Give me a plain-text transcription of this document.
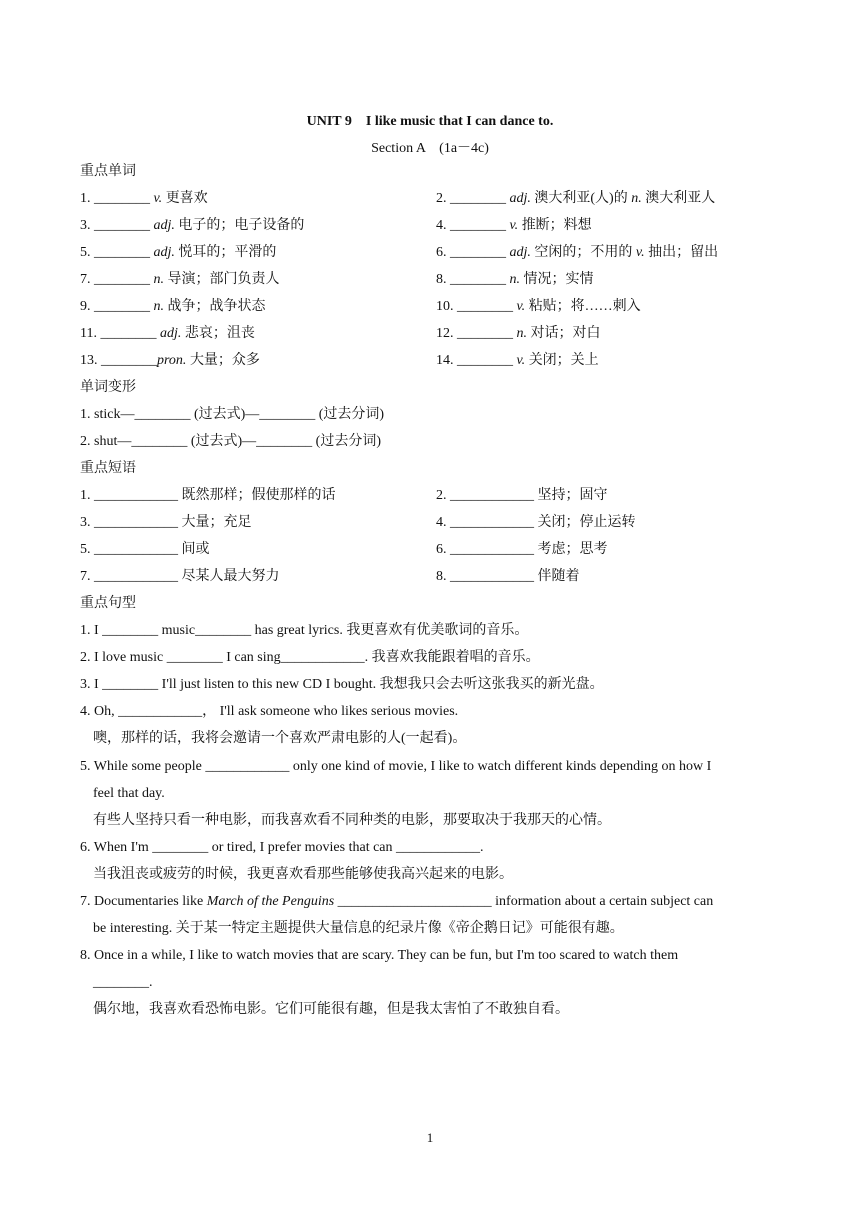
UNIT 9　I like music that I can dance to.
Section A　(1a－4c)
重点单词
1. ________ v. 更喜欢	2. ________ adj. 澳大利亚(人)的 n. 澳大利亚人
3. ________ adj. 电子的；电子设备的	4. ________ v. 推断；料想
5. ________ adj. 悦耳的；平滑的	6. ________ adj. 空闲的；不用的 v. 抽出；留出
7. ________ n. 导演；部门负责人	8. ________ n. 情况；实情
9. ________ n. 战争；战争状态	10. ________ v. 粘贴；将……刺入
11. ________ adj. 悲哀；沮丧	12. ________ n. 对话；对白
13. ________pron. 大量；众多	14. ________ v. 关闭；关上
单词变形
1. stick—________ (过去式)—________ (过去分词)
2. shut—________ (过去式)—________ (过去分词)
重点短语
1. ____________ 既然那样；假使那样的话	2. ____________ 坚持；固守
3. ____________ 大量；充足	4. ____________ 关闭；停止运转
5. ____________ 间或	6. ____________ 考虑；思考
7. ____________ 尽某人最大努力	8. ____________ 伴随着
重点句型
1. I ________ music________ has great lyrics. 我更喜欢有优美歌词的音乐。
2. I love music ________ I can sing____________. 我喜欢我能跟着唱的音乐。
3. I ________ I'll just listen to this new CD I bought. 我想我只会去听这张我买的新光盘。
4. Oh, ____________， I'll ask someone who likes serious movies.
噢，那样的话，我将会邀请一个喜欢严肃电影的人(一起看)。
5. While some people ____________ only one kind of movie, I like to watch different kinds depending on how I
feel that day.
有些人坚持只看一种电影，而我喜欢看不同种类的电影，那要取决于我那天的心情。
6. When I'm ________ or tired, I prefer movies that can ____________.
当我沮丧或疲劳的时候，我更喜欢看那些能够使我高兴起来的电影。
7. Documentaries like March of the Penguins ______________________ information about a certain subject can
be interesting. 关于某一特定主题提供大量信息的纪录片像《帝企鹅日记》可能很有趣。
8. Once in a while, I like to watch movies that are scary. They can be fun, but I'm too scared to watch them
________.
偶尔地，我喜欢看恐怖电影。它们可能很有趣，但是我太害怕了不敢独自看。
1
